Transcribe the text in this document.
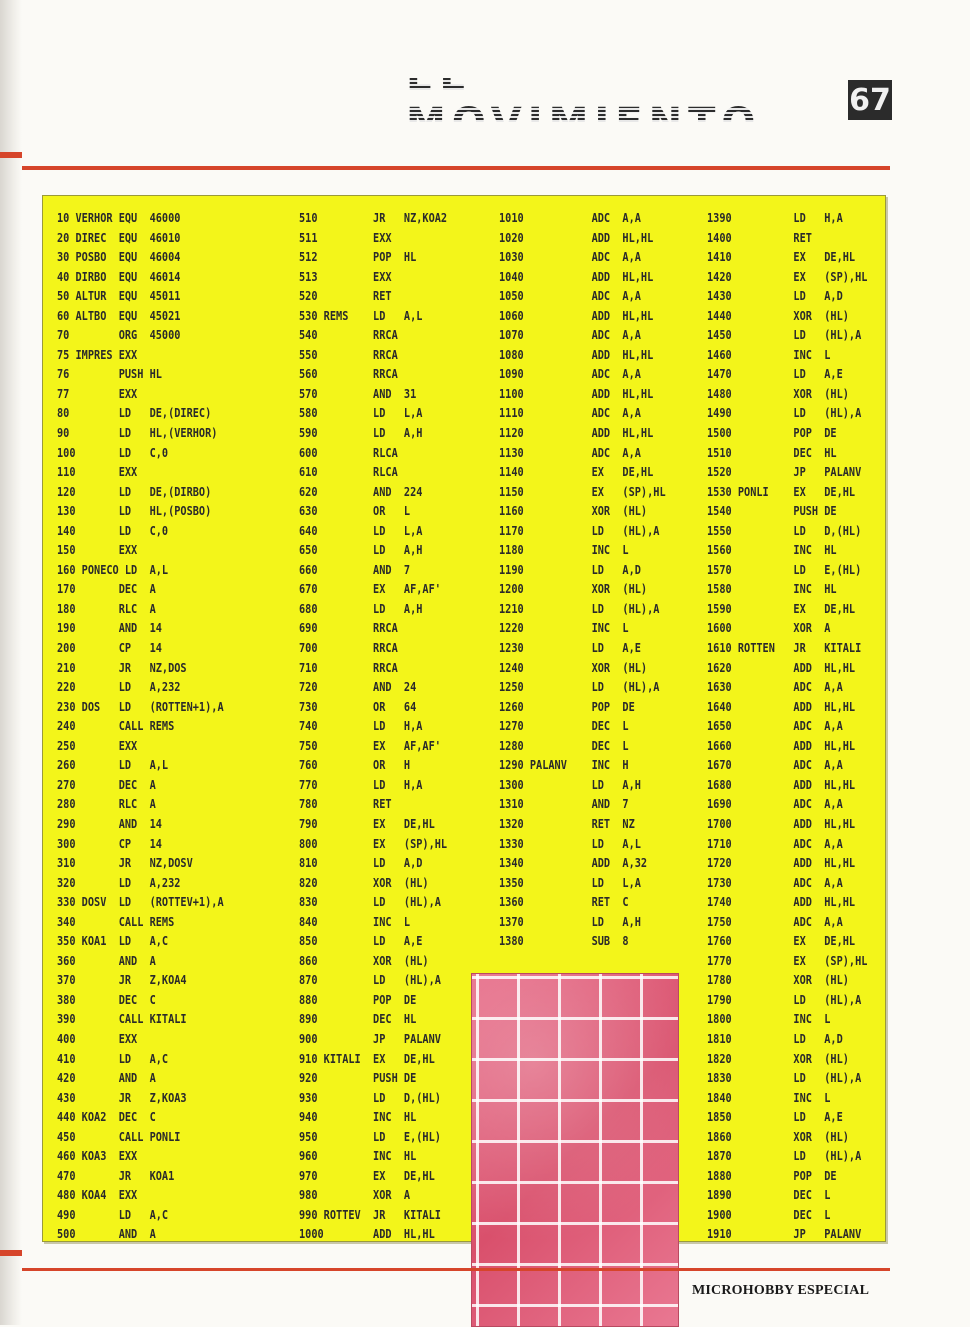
EL MOVIMIENTO	67
10 VERHOR EQU  46000
20 DIREC  EQU  46010
30 POSBO  EQU  46004
40 DIRBO  EQU  46014
50 ALTUR  EQU  45011
60 ALTBO  EQU  45021
70        ORG  45000
75 IMPRES EXX
76        PUSH HL
77        EXX
80        LD   DE,(DIREC)
90        LD   HL,(VERHOR)
100       LD   C,0
110       EXX
120       LD   DE,(DIRBO)
130       LD   HL,(POSBO)
140       LD   C,0
150       EXX
160 PONECO LD  A,L
170       DEC  A
180       RLC  A
190       AND  14
200       CP   14
210       JR   NZ,DOS
220       LD   A,232
230 DOS   LD   (ROTTEN+1),A
240       CALL REMS
250       EXX
260       LD   A,L
270       DEC  A
280       RLC  A
290       AND  14
300       CP   14
310       JR   NZ,DOSV
320       LD   A,232
330 DOSV  LD   (ROTTEV+1),A
340       CALL REMS
350 KOA1  LD   A,C
360       AND  A
370       JR   Z,KOA4
380       DEC  C
390       CALL KITALI
400       EXX
410       LD   A,C
420       AND  A
430       JR   Z,KOA3
440 KOA2  DEC  C
450       CALL PONLI
460 KOA3  EXX
470       JR   KOA1
480 KOA4  EXX
490       LD   A,C
500       AND  A
510         JR   NZ,KOA2
511         EXX
512         POP  HL
513         EXX
520         RET
530 REMS    LD   A,L
540         RRCA
550         RRCA
560         RRCA
570         AND  31
580         LD   L,A
590         LD   A,H
600         RLCA
610         RLCA
620         AND  224
630         OR   L
640         LD   L,A
650         LD   A,H
660         AND  7
670         EX   AF,AF'
680         LD   A,H
690         RRCA
700         RRCA
710         RRCA
720         AND  24
730         OR   64
740         LD   H,A
750         EX   AF,AF'
760         OR   H
770         LD   H,A
780         RET
790         EX   DE,HL
800         EX   (SP),HL
810         LD   A,D
820         XOR  (HL)
830         LD   (HL),A
840         INC  L
850         LD   A,E
860         XOR  (HL)
870         LD   (HL),A
880         POP  DE
890         DEC  HL
900         JP   PALANV
910 KITALI  EX   DE,HL
920         PUSH DE
930         LD   D,(HL)
940         INC  HL
950         LD   E,(HL)
960         INC  HL
970         EX   DE,HL
980         XOR  A
990 ROTTEV  JR   KITALI
1000        ADD  HL,HL
1010           ADC  A,A
1020           ADD  HL,HL
1030           ADC  A,A
1040           ADD  HL,HL
1050           ADC  A,A
1060           ADD  HL,HL
1070           ADC  A,A
1080           ADD  HL,HL
1090           ADC  A,A
1100           ADD  HL,HL
1110           ADC  A,A
1120           ADD  HL,HL
1130           ADC  A,A
1140           EX   DE,HL
1150           EX   (SP),HL
1160           XOR  (HL)
1170           LD   (HL),A
1180           INC  L
1190           LD   A,D
1200           XOR  (HL)
1210           LD   (HL),A
1220           INC  L
1230           LD   A,E
1240           XOR  (HL)
1250           LD   (HL),A
1260           POP  DE
1270           DEC  L
1280           DEC  L
1290 PALANV    INC  H
1300           LD   A,H
1310           AND  7
1320           RET  NZ
1330           LD   A,L
1340           ADD  A,32
1350           LD   L,A
1360           RET  C
1370           LD   A,H
1380           SUB  8
1390          LD   H,A
1400          RET
1410          EX   DE,HL
1420          EX   (SP),HL
1430          LD   A,D
1440          XOR  (HL)
1450          LD   (HL),A
1460          INC  L
1470          LD   A,E
1480          XOR  (HL)
1490          LD   (HL),A
1500          POP  DE
1510          DEC  HL
1520          JP   PALANV
1530 PONLI    EX   DE,HL
1540          PUSH DE
1550          LD   D,(HL)
1560          INC  HL
1570          LD   E,(HL)
1580          INC  HL
1590          EX   DE,HL
1600          XOR  A
1610 ROTTEN   JR   KITALI
1620          ADD  HL,HL
1630          ADC  A,A
1640          ADD  HL,HL
1650          ADC  A,A
1660          ADD  HL,HL
1670          ADC  A,A
1680          ADD  HL,HL
1690          ADC  A,A
1700          ADD  HL,HL
1710          ADC  A,A
1720          ADD  HL,HL
1730          ADC  A,A
1740          ADD  HL,HL
1750          ADC  A,A
1760          EX   DE,HL
1770          EX   (SP),HL
1780          XOR  (HL)
1790          LD   (HL),A
1800          INC  L
1810          LD   A,D
1820          XOR  (HL)
1830          LD   (HL),A
1840          INC  L
1850          LD   A,E
1860          XOR  (HL)
1870          LD   (HL),A
1880          POP  DE
1890          DEC  L
1900          DEC  L
1910          JP   PALANV
MICROHOBBY ESPECIAL
